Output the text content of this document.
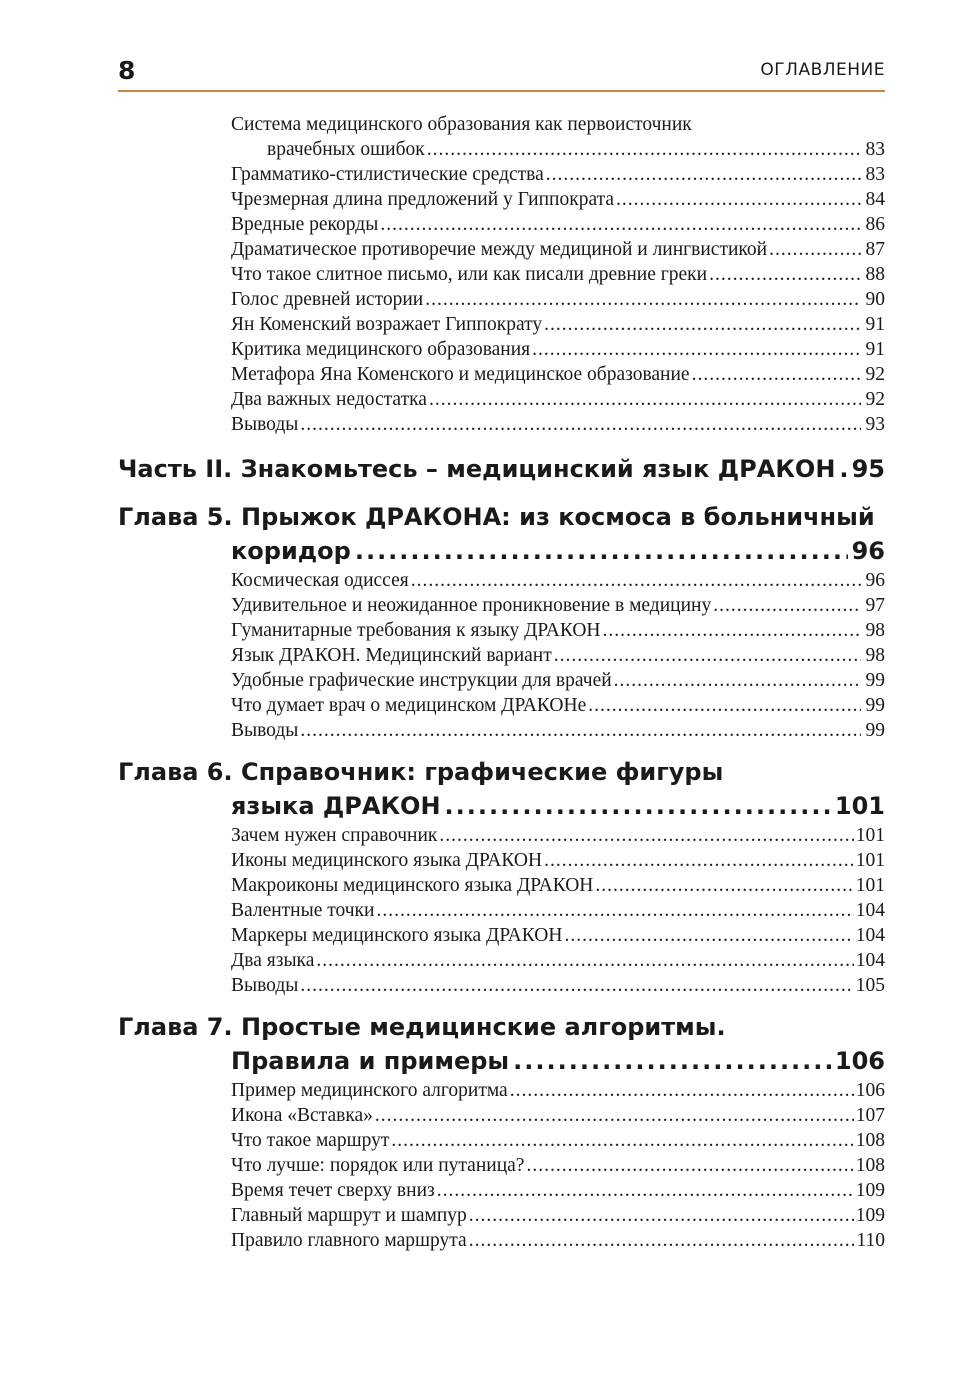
8	ОГЛАВЛЕНИЕ
Система медицинского образования как первоисточник
врачебных ошибок .....	83
Грамматико-стилистические средства .....	83
Чрезмерная длина предложений у Гиппократа .....	84
Вредные рекорды .....	86
Драматическое противоречие между медициной и лингвистикой .....	87
Что такое слитное письмо, или как писали древние греки .....	88
Голос древней истории .....	90
Ян Коменский возражает Гиппократу .....	91
Критика медицинского образования .....	91
Метафора Яна Коменского и медицинское образование .....	92
Два важных недостатка .....	92
Выводы .....	93
Часть II. Знакомьтесь – медицинский язык ДРАКОН ..... 95
Глава 5. Прыжок ДРАКОНА: из космоса в больничный
коридор .....	96
Космическая одиссея .....	96
Удивительное и неожиданное проникновение в медицину .....	97
Гуманитарные требования к языку ДРАКОН .....	98
Язык ДРАКОН. Медицинский вариант .....	98
Удобные графические инструкции для врачей .....	99
Что думает врач о медицинском ДРАКОНе .....	99
Выводы .....	99
Глава 6. Справочник: графические фигуры
языка ДРАКОН .....	101
Зачем нужен справочник .....	101
Иконы медицинского языка ДРАКОН .....	101
Макроиконы медицинского языка ДРАКОН .....	101
Валентные точки .....	104
Маркеры медицинского языка ДРАКОН .....	104
Два языка .....	104
Выводы .....	105
Глава 7. Простые медицинские алгоритмы.
Правила и примеры .....	106
Пример медицинского алгоритма .....	106
Икона «Вставка» .....	107
Что такое маршрут .....	108
Что лучше: порядок или путаница? .....	108
Время течет сверху вниз .....	109
Главный маршрут и шампур .....	109
Правило главного маршрута .....	110
